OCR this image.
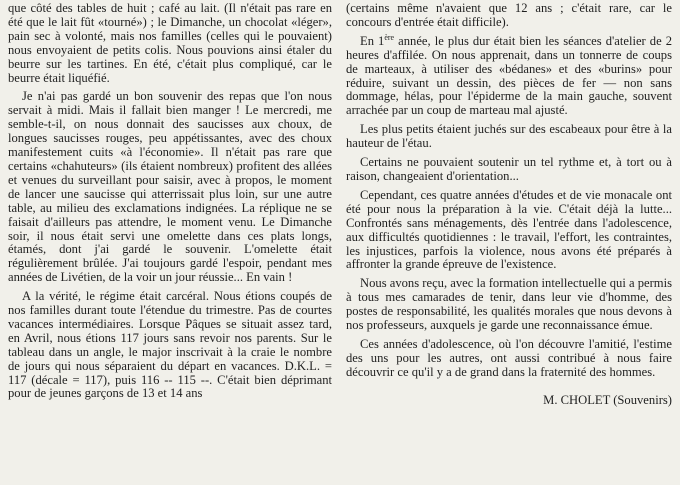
que côté des tables de huit ; café au lait. (Il n'était pas rare en été que le lait fût «tourné») ; le Dimanche, un chocolat «léger», pain sec à volonté, mais nos familles (celles qui le pouvaient) nous envoyaient de petits colis. Nous pouvions ainsi étaler du beurre sur les tartines. En été, c'était plus compliqué, car le beurre était liquéfié.

Je n'ai pas gardé un bon souvenir des repas que l'on nous servait à midi. Mais il fallait bien manger ! Le mercredi, me semble-t-il, on nous donnait des saucisses aux choux, de longues saucisses rouges, peu appétissantes, avec des choux manifestement cuits «à l'économie». Il n'était pas rare que certains «chahuteurs» (ils étaient nombreux) profitent des allées et venues du surveillant pour saisir, avec à propos, le moment de lancer une saucisse qui atterrissait plus loin, sur une autre table, au milieu des exclamations indignées. La réplique ne se faisait d'ailleurs pas attendre, le moment venu. Le Dimanche soir, il nous était servi une omelette dans ces plats longs, étamés, dont j'ai gardé le souvenir. L'omelette était régulièrement brûlée. J'ai toujours gardé l'espoir, pendant mes années de Livétien, de la voir un jour réussie... En vain !

A la vérité, le régime était carcéral. Nous étions coupés de nos familles durant toute l'étendue du trimestre. Pas de courtes vacances intermédiaires. Lorsque Pâques se situait assez tard, en Avril, nous étions 117 jours sans revoir nos parents. Sur le tableau dans un angle, le major inscrivait à la craie le nombre de jours qui nous séparaient du départ en vacances. D.K.L. = 117 (décale = 117), puis 116 -- 115 --. C'était bien déprimant pour de jeunes garçons de 13 et 14 ans

(certains même n'avaient que 12 ans ; c'était rare, car le concours d'entrée était difficile).

En 1ère année, le plus dur était bien les séances d'atelier de 2 heures d'affilée. On nous apprenait, dans un tonnerre de coups de marteaux, à utiliser des «bédanes» et des «burins» pour réduire, suivant un dessin, des pièces de fer — non sans dommage, hélas, pour l'épiderme de la main gauche, souvent arrachée par un coup de marteau mal ajusté.

Les plus petits étaient juchés sur des escabeaux pour être à la hauteur de l'étau.

Certains ne pouvaient soutenir un tel rythme et, à tort ou à raison, changeaient d'orientation...

Cependant, ces quatre années d'études et de vie monacale ont été pour nous la préparation à la vie. C'était déjà la lutte... Confrontés sans ménagements, dès l'entrée dans l'adolescence, aux difficultés quotidiennes : le travail, l'effort, les contraintes, les injustices, parfois la violence, nous avons été préparés à affronter la grande épreuve de l'existence.

Nous avons reçu, avec la formation intellectuelle qui a permis à tous mes camarades de tenir, dans leur vie d'homme, des postes de responsabilité, les qualités morales que nous devons à nos professeurs, auxquels je garde une reconnaissance émue.

Ces années d'adolescence, où l'on découvre l'amitié, l'estime des uns pour les autres, ont aussi contribué à nous faire découvrir ce qu'il y a de grand dans la fraternité des hommes.

M. CHOLET (Souvenirs)
